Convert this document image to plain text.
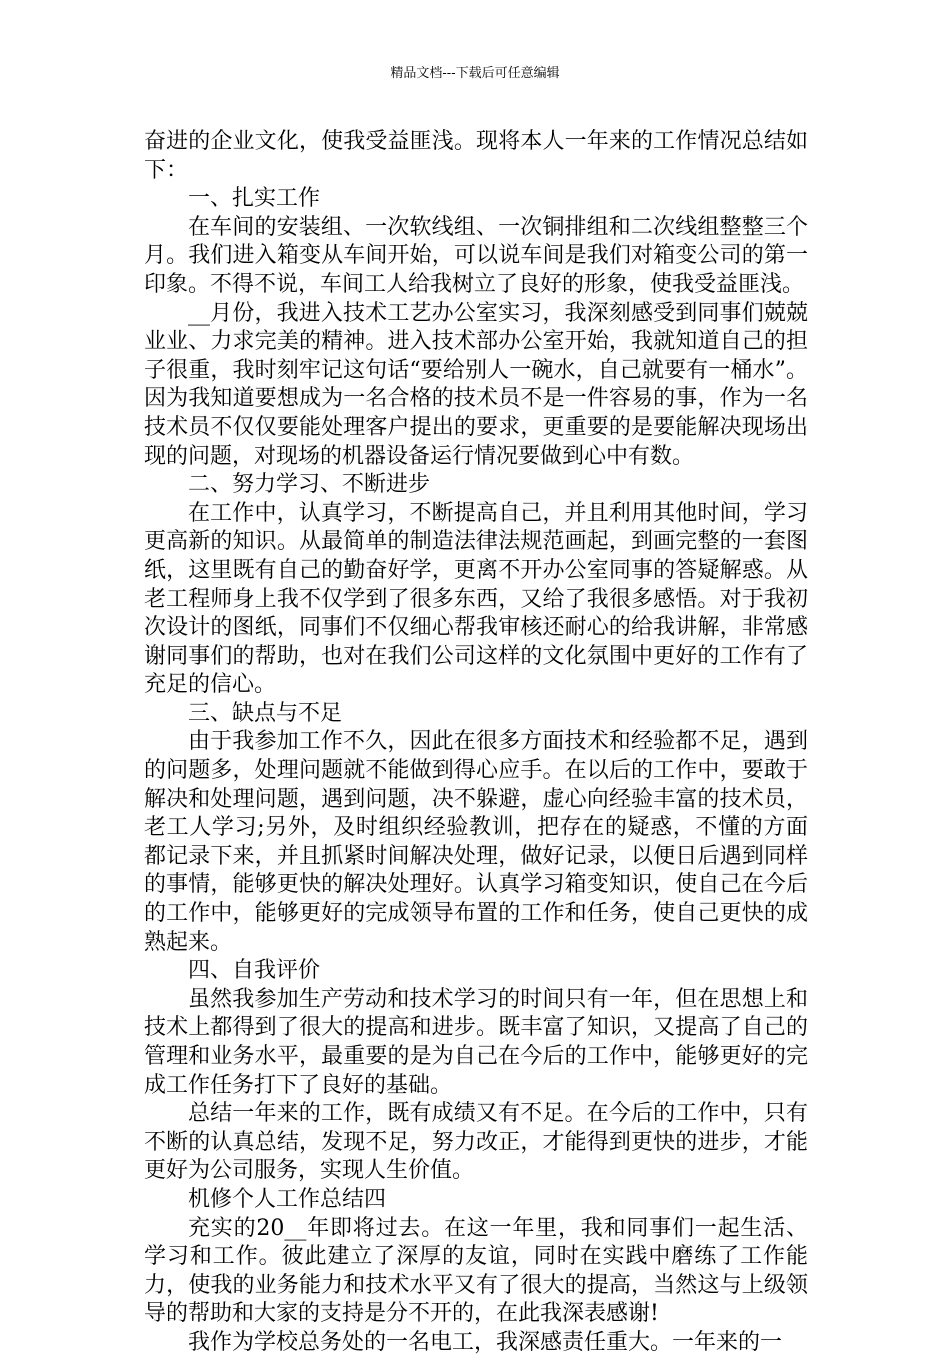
精品文档---下载后可任意编辑

奋进的企业文化，使我受益匪浅。现将本人一年来的工作情况总结如下：

一、扎实工作

在车间的安装组、一次软线组、一次铜排组和二次线组整整三个月。我们进入箱变从车间开始，可以说车间是我们对箱变公司的第一印象。不得不说，车间工人给我树立了良好的形象，使我受益匪浅。

__月份，我进入技术工艺办公室实习，我深刻感受到同事们兢兢业业、力求完美的精神。进入技术部办公室开始，我就知道自己的担子很重，我时刻牢记这句话“要给别人一碗水，自己就要有一桶水”。因为我知道要想成为一名合格的技术员不是一件容易的事，作为一名技术员不仅仅要能处理客户提出的要求，更重要的是要能解决现场出现的问题，对现场的机器设备运行情况要做到心中有数。

二、努力学习、不断进步

在工作中，认真学习，不断提高自己，并且利用其他时间，学习更高新的知识。从最简单的制造法律法规范画起，到画完整的一套图纸，这里既有自己的勤奋好学，更离不开办公室同事的答疑解惑。从老工程师身上我不仅学到了很多东西，又给了我很多感悟。对于我初次设计的图纸，同事们不仅细心帮我审核还耐心的给我讲解，非常感谢同事们的帮助，也对在我们公司这样的文化氛围中更好的工作有了充足的信心。

三、缺点与不足

由于我参加工作不久，因此在很多方面技术和经验都不足，遇到的问题多，处理问题就不能做到得心应手。在以后的工作中，要敢于解决和处理问题，遇到问题，决不躲避，虚心向经验丰富的技术员，老工人学习;另外，及时组织经验教训，把存在的疑惑，不懂的方面都记录下来，并且抓紧时间解决处理，做好记录，以便日后遇到同样的事情，能够更快的解决处理好。认真学习箱变知识，使自己在今后的工作中，能够更好的完成领导布置的工作和任务，使自己更快的成熟起来。

四、自我评价

虽然我参加生产劳动和技术学习的时间只有一年，但在思想上和技术上都得到了很大的提高和进步。既丰富了知识，又提高了自己的管理和业务水平，最重要的是为自己在今后的工作中，能够更好的完成工作任务打下了良好的基础。

总结一年来的工作，既有成绩又有不足。在今后的工作中，只有不断的认真总结，发现不足，努力改正，才能得到更快的进步，才能更好为公司服务，实现人生价值。

机修个人工作总结四

充实的20__年即将过去。在这一年里，我和同事们一起生活、学习和工作。彼此建立了深厚的友谊，同时在实践中磨练了工作能力，使我的业务能力和技术水平又有了很大的提高，当然这与上级领导的帮助和大家的支持是分不开的，在此我深表感谢!

我作为学校总务处的一名电工，我深感责任重大。一年来的一
